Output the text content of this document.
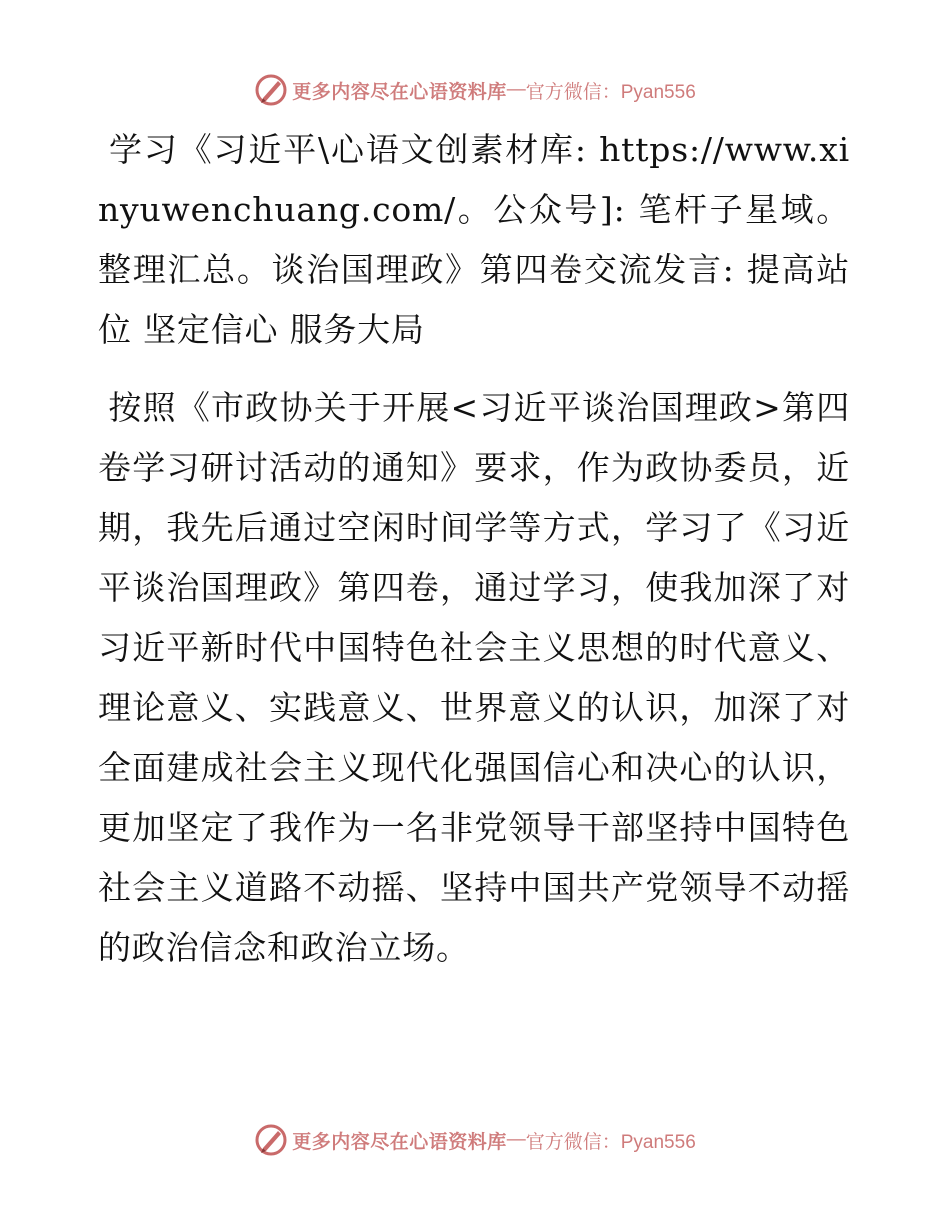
更多内容尽在心语资料库 — 官方微信：Pyan556

学习《习近平\心语文创素材库: https://www.xinyuwenchuang.com/。公众号]: 笔杆子星域。整理汇总。谈治国理政》第四卷交流发言: 提高站位 坚定信心 服务大局

按照《市政协关于开展<习近平谈治国理政>第四卷学习研讨活动的通知》要求，作为政协委员，近期，我先后通过空闲时间学等方式，学习了《习近平谈治国理政》第四卷，通过学习，使我加深了对习近平新时代中国特色社会主义思想的时代意义、理论意义、实践意义、世界意义的认识，加深了对全面建成社会主义现代化强国信心和决心的认识，更加坚定了我作为一名非党领导干部坚持中国特色社会主义道路不动摇、坚持中国共产党领导不动摇的政治信念和政治立场。

更多内容尽在心语资料库 — 官方微信：Pyan556
